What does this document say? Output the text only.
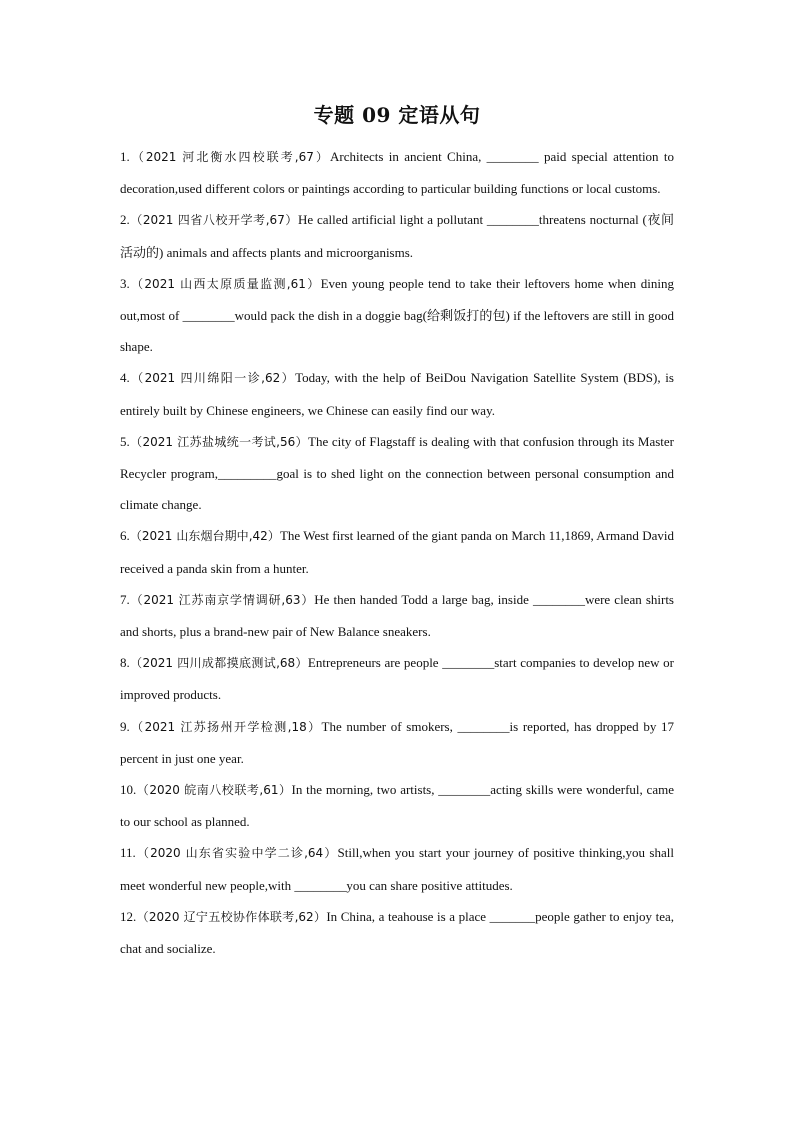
专题 09 定语从句

1.（2021 河北衡水四校联考,67）Architects in ancient China, ________ paid special attention to decoration,used different colors or paintings according to particular building functions or local customs.

2.（2021 四省八校开学考,67）He called artificial light a pollutant ________threatens nocturnal (夜间活动的) animals and affects plants and microorganisms.

3.（2021 山西太原质量监测,61）Even young people tend to take their leftovers home when dining out,most of ________would pack the dish in a doggie bag(给剩饭打的包) if the leftovers are still in good shape.

4.（2021 四川绵阳一诊,62）Today, with the help of BeiDou Navigation Satellite System (BDS), is entirely built by Chinese engineers, we Chinese can easily find our way.

5.（2021 江苏盐城统一考试,56）The city of Flagstaff is dealing with that confusion through its Master Recycler program,_________goal is to shed light on the connection between personal consumption and climate change.

6.（2021 山东烟台期中,42）The West first learned of the giant panda on March 11,1869, Armand David received a panda skin from a hunter.

7.（2021 江苏南京学情调研,63）He then handed Todd a large bag, inside ________were clean shirts and shorts, plus a brand-new pair of New Balance sneakers.

8.（2021 四川成都摸底测试,68）Entrepreneurs are people ________start companies to develop new or improved products.

9.（2021 江苏扬州开学检测,18）The number of smokers, ________is reported, has dropped by 17 percent in just one year.

10.（2020 皖南八校联考,61）In the morning, two artists, ________acting skills were wonderful, came to our school as planned.

11.（2020 山东省实验中学二诊,64）Still,when you start your journey of positive thinking,you shall meet wonderful new people,with ________you can share positive attitudes.

12.（2020 辽宁五校协作体联考,62）In China, a teahouse is a place _______people gather to enjoy tea, chat and socialize.
